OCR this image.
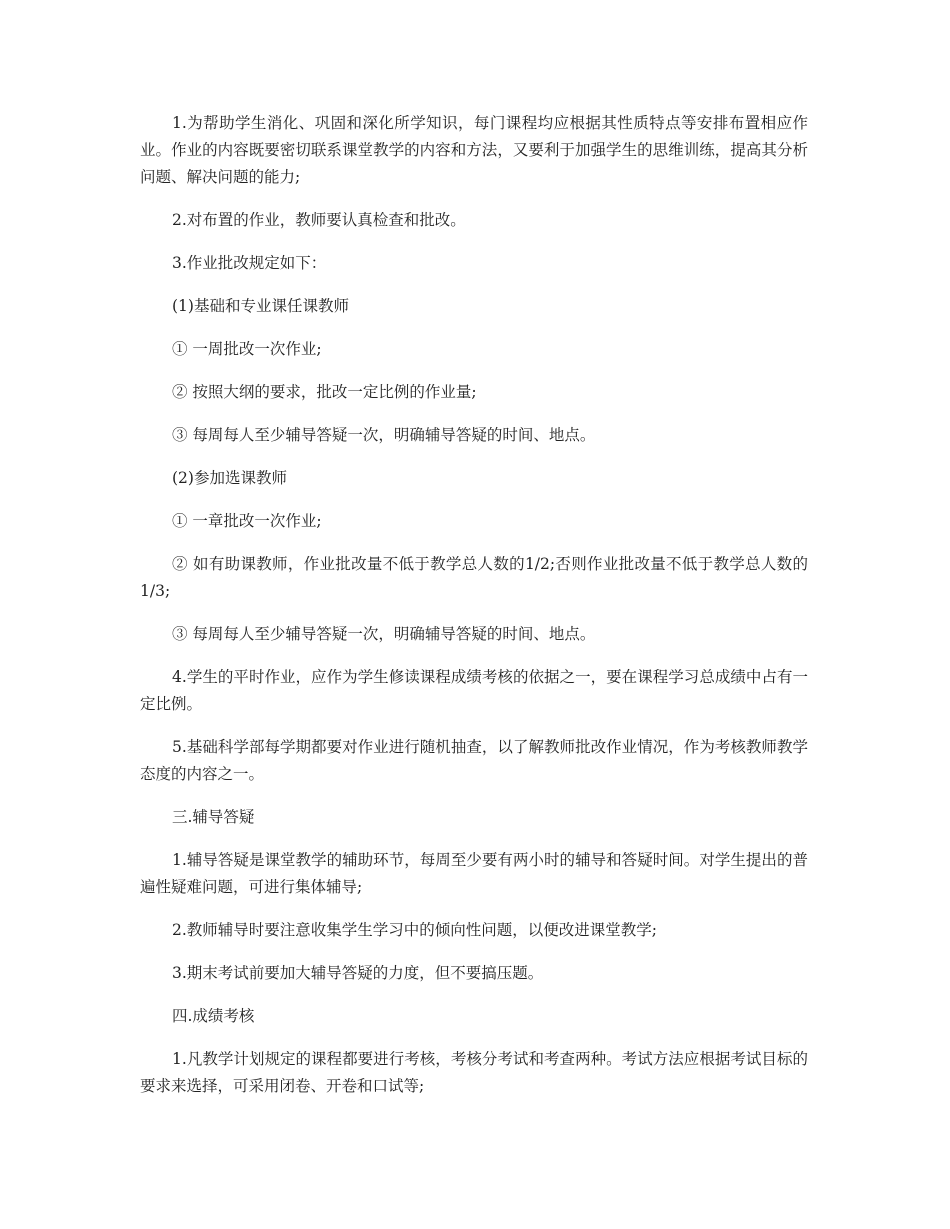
1.为帮助学生消化、巩固和深化所学知识，每门课程均应根据其性质特点等安排布置相应作业。作业的内容既要密切联系课堂教学的内容和方法，又要利于加强学生的思维训练，提高其分析问题、解决问题的能力;

2.对布置的作业，教师要认真检查和批改。

3.作业批改规定如下：

(1)基础和专业课任课教师

① 一周批改一次作业;

② 按照大纲的要求，批改一定比例的作业量;

③ 每周每人至少辅导答疑一次，明确辅导答疑的时间、地点。

(2)参加选课教师

① 一章批改一次作业;

② 如有助课教师，作业批改量不低于教学总人数的1/2;否则作业批改量不低于教学总人数的1/3;

③ 每周每人至少辅导答疑一次，明确辅导答疑的时间、地点。

4.学生的平时作业，应作为学生修读课程成绩考核的依据之一，要在课程学习总成绩中占有一定比例。

5.基础科学部每学期都要对作业进行随机抽查，以了解教师批改作业情况，作为考核教师教学态度的内容之一。

三.辅导答疑

1.辅导答疑是课堂教学的辅助环节，每周至少要有两小时的辅导和答疑时间。对学生提出的普遍性疑难问题，可进行集体辅导;

2.教师辅导时要注意收集学生学习中的倾向性问题，以便改进课堂教学;

3.期末考试前要加大辅导答疑的力度，但不要搞压题。

四.成绩考核

1.凡教学计划规定的课程都要进行考核，考核分考试和考查两种。考试方法应根据考试目标的要求来选择，可采用闭卷、开卷和口试等;
